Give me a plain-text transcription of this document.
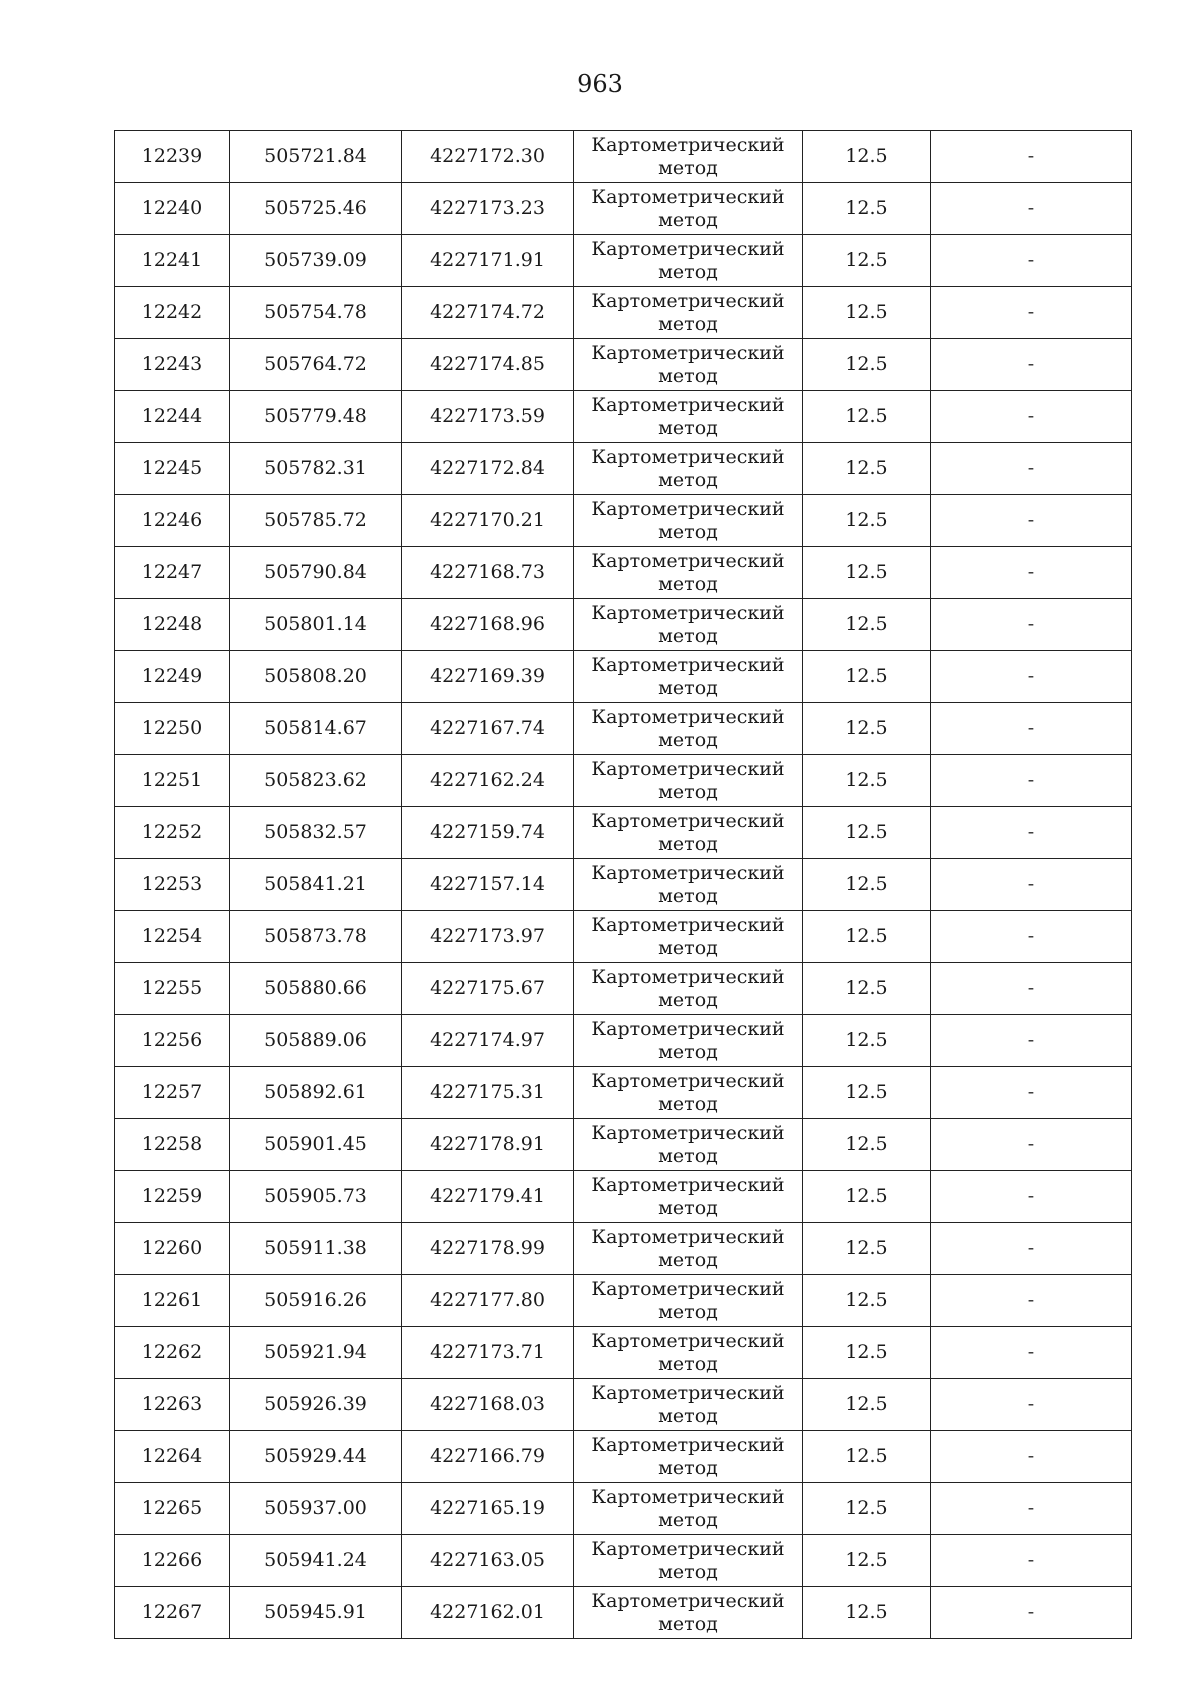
963
12239	505721.84	4227172.30	Картометрический
метод	12.5	-
12240	505725.46	4227173.23	Картометрический
метод	12.5	-
12241	505739.09	4227171.91	Картометрический
метод	12.5	-
12242	505754.78	4227174.72	Картометрический
метод	12.5	-
12243	505764.72	4227174.85	Картометрический
метод	12.5	-
12244	505779.48	4227173.59	Картометрический
метод	12.5	-
12245	505782.31	4227172.84	Картометрический
метод	12.5	-
12246	505785.72	4227170.21	Картометрический
метод	12.5	-
12247	505790.84	4227168.73	Картометрический
метод	12.5	-
12248	505801.14	4227168.96	Картометрический
метод	12.5	-
12249	505808.20	4227169.39	Картометрический
метод	12.5	-
12250	505814.67	4227167.74	Картометрический
метод	12.5	-
12251	505823.62	4227162.24	Картометрический
метод	12.5	-
12252	505832.57	4227159.74	Картометрический
метод	12.5	-
12253	505841.21	4227157.14	Картометрический
метод	12.5	-
12254	505873.78	4227173.97	Картометрический
метод	12.5	-
12255	505880.66	4227175.67	Картометрический
метод	12.5	-
12256	505889.06	4227174.97	Картометрический
метод	12.5	-
12257	505892.61	4227175.31	Картометрический
метод	12.5	-
12258	505901.45	4227178.91	Картометрический
метод	12.5	-
12259	505905.73	4227179.41	Картометрический
метод	12.5	-
12260	505911.38	4227178.99	Картометрический
метод	12.5	-
12261	505916.26	4227177.80	Картометрический
метод	12.5	-
12262	505921.94	4227173.71	Картометрический
метод	12.5	-
12263	505926.39	4227168.03	Картометрический
метод	12.5	-
12264	505929.44	4227166.79	Картометрический
метод	12.5	-
12265	505937.00	4227165.19	Картометрический
метод	12.5	-
12266	505941.24	4227163.05	Картометрический
метод	12.5	-
12267	505945.91	4227162.01	Картометрический
метод	12.5	-
